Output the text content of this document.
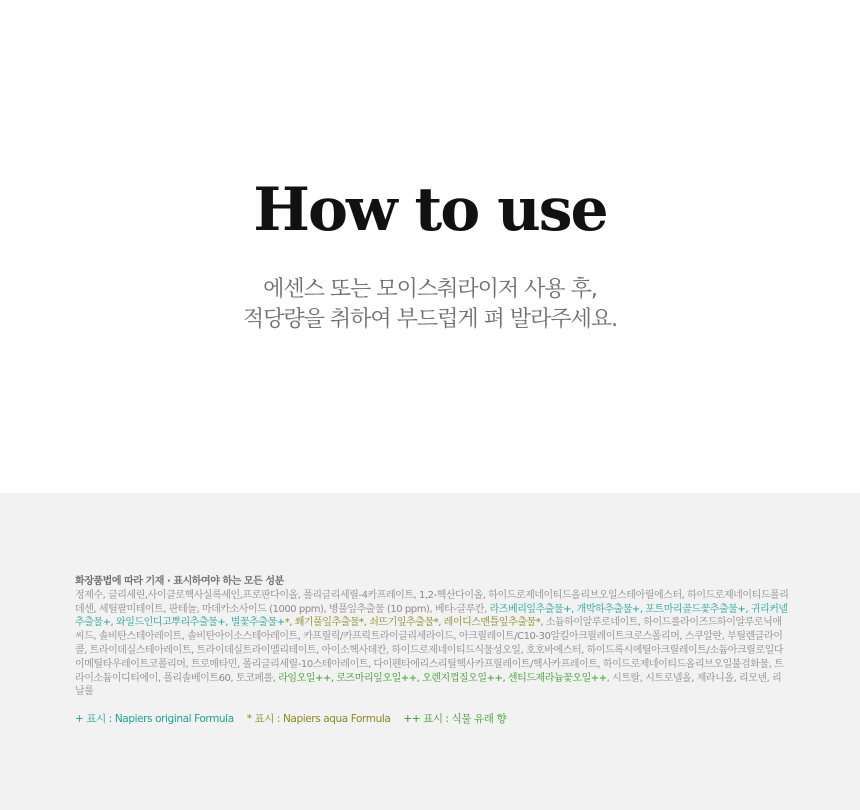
How to use
에센스 또는 모이스춰라이저 사용 후,
적당량을 취하여 부드럽게 펴 발라주세요.
화장품법에 따라 기재 · 표시하여야 하는 모든 성분
정제수, 글리세린,사이클로헥사실록세인,프로판다이올, 폴리글리세릴-4카프레이트, 1,2-헥산다이올, 하이드로제네이티드올리브오일스테아릴에스터, 하이드로제네이티드폴리데센, 세틸팔미테이트, 판테놀, 마데카소사이드 (1000 ppm), 병풀잎추출물 (10 ppm), 베타-글루칸, 라즈베리잎추출물+, 개박하추출물+, 포트마리골드꽃추출물+, 귀리커넬추출물+, 와일드인디고뿌리추출물+, 별꽃추출물+*, 쐐기풀잎추출물*, 쇠뜨기잎추출물*, 레이디스맨틀잎추출물*, 소듐하이알루로네이트, 하이드롤라이즈드하이알루로닉애씨드, 솔비탄스테아레이트, 솔비탄아이소스테아레이트, 카프릴릭/카프릭트라이글리세라이드, 아크릴레이트/C10-30알킬아크릴레이트크로스폴리머, 스쿠알란, 부틸렌글라이콜, 트라이데실스테아레이트, 트라이데실트라이멜리테이트, 아이소헥사데칸, 하이드로제네이티드식물성오일, 호호바에스터, 하이드록시에틸아크릴레이트/소듐아크릴로일다이메틸타우레이트코폴리머, 트로메타민, 폴리글리세릴-10스테아레이트, 다이펜타에리스리틸헥사카프릴레이트/헥사카프레이트, 하이드로제네이티드올리브오일불검화물, 트라이소듐이디티에이, 폴리솔베이트60, 토코페롤, 라임오일++, 로즈마리잎오일++, 오렌지껍질오일++, 센티드제라늄꽃오일++, 시트랄, 시트로넬올, 제라니올, 리모넨, 리날룰
+ 표시 : Napiers original Formula * 표시 : Napiers aqua Formula ++ 표시 : 식물 유래 향
